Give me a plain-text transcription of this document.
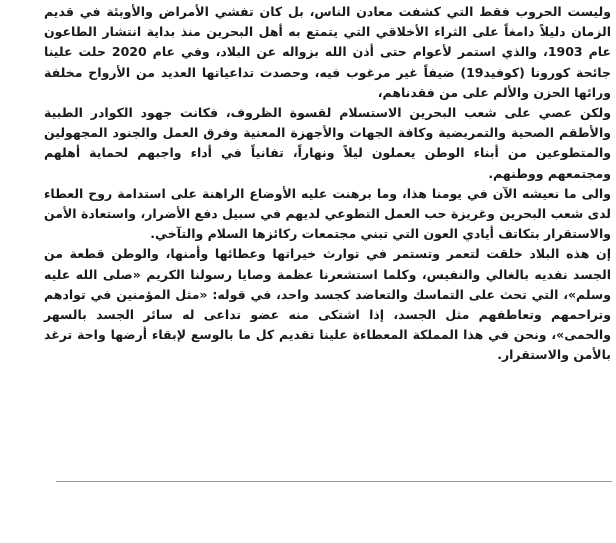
وليست الحروب فقط التي كشفت معادن الناس، بل كان تفشي الأمراض والأوبئة في قديم الزمان دليلاً دامغاً على الثراء الأخلاقي التي يتمتع به أهل البحرين منذ بداية انتشار الطاعون عام 1903، والذي استمر لأعوام حتى أذن الله بزواله عن البلاد، وفي عام 2020 حلت علينا جائحة كورونا (كوفيد19) ضيفاً غير مرغوب فيه، وحصدت تداعياتها العديد من الأرواح مخلفة ورائها الحزن والألم على من فقدناهم،

ولكن عصي على شعب البحرين الاستسلام لقسوة الظروف، فكانت جهود الكوادر الطبية والأطقم الصحية والتمريضية وكافة الجهات والأجهزة المعنية وفرق العمل والجنود المجهولين والمتطوعين من أبناء الوطن يعملون ليلاً ونهاراً، تفانياً في أداء واجبهم لحماية أهلهم ومجتمعهم ووطنهم.

والى ما نعيشه الآن في يومنا هذا، وما برهنت عليه الأوضاع الراهنة على استدامة روح العطاء لدى شعب البحرين وغريزة حب العمل التطوعي لديهم في سبيل دفع الأضرار، واستعادة الأمن والاستقرار بتكاتف أيادي العون التي تبني مجتمعات ركائزها السلام والتآخي.

إن هذه البلاد خلقت لتعمر وتستمر في توارث خيراتها وعطائها وأمنها، والوطن قطعة من الجسد نفديه بالغالي والنفيس، وكلما استشعرنا عظمة وصايا رسولنا الكريم «صلى الله عليه وسلم»، التي تحث على التماسك والتعاضد كجسد واحد، في قوله: «مثل المؤمنين في توادهم وتراحمهم وتعاطفهم مثل الجسد، إذا اشتكى منه عضو تداعى له سائر الجسد بالسهر والحمى»، ونحن في هذا المملكة المعطاءة علينا تقديم كل ما بالوسع لإبقاء أرضها واحة ترغد بالأمن والاستقرار.
